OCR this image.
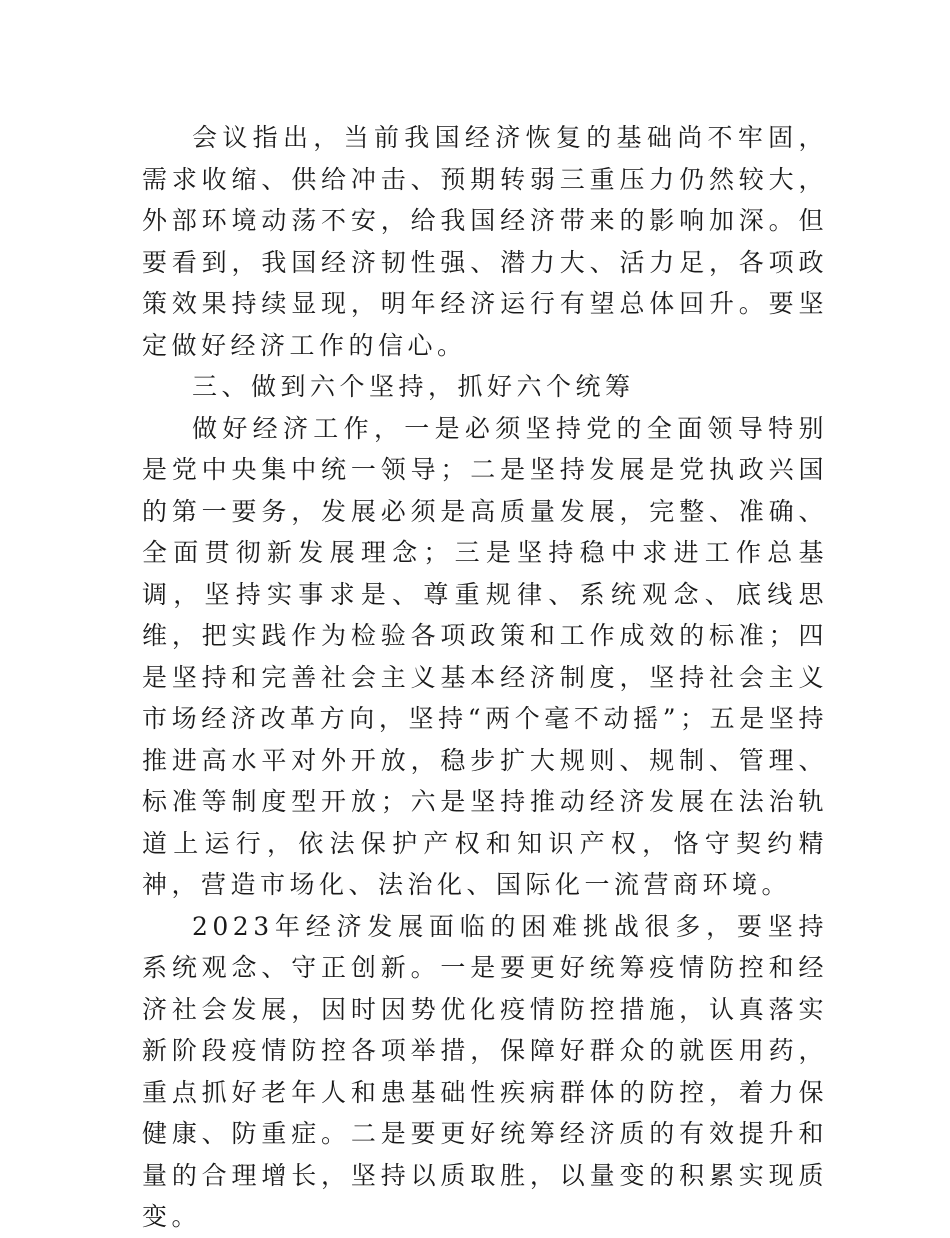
会议指出，当前我国经济恢复的基础尚不牢固，需求收缩、供给冲击、预期转弱三重压力仍然较大，外部环境动荡不安，给我国经济带来的影响加深。但要看到，我国经济韧性强、潜力大、活力足，各项政策效果持续显现，明年经济运行有望总体回升。要坚定做好经济工作的信心。

三、做到六个坚持，抓好六个统筹

做好经济工作，一是必须坚持党的全面领导特别是党中央集中统一领导；二是坚持发展是党执政兴国的第一要务，发展必须是高质量发展，完整、准确、全面贯彻新发展理念；三是坚持稳中求进工作总基调，坚持实事求是、尊重规律、系统观念、底线思维，把实践作为检验各项政策和工作成效的标准；四是坚持和完善社会主义基本经济制度，坚持社会主义市场经济改革方向，坚持“两个毫不动摇”；五是坚持推进高水平对外开放，稳步扩大规则、规制、管理、标准等制度型开放；六是坚持推动经济发展在法治轨道上运行，依法保护产权和知识产权，恪守契约精神，营造市场化、法治化、国际化一流营商环境。

2023年经济发展面临的困难挑战很多，要坚持系统观念、守正创新。一是要更好统筹疫情防控和经济社会发展，因时因势优化疫情防控措施，认真落实新阶段疫情防控各项举措，保障好群众的就医用药，重点抓好老年人和患基础性疾病群体的防控，着力保健康、防重症。二是要更好统筹经济质的有效提升和量的合理增长，坚持以质取胜，以量变的积累实现质变。
